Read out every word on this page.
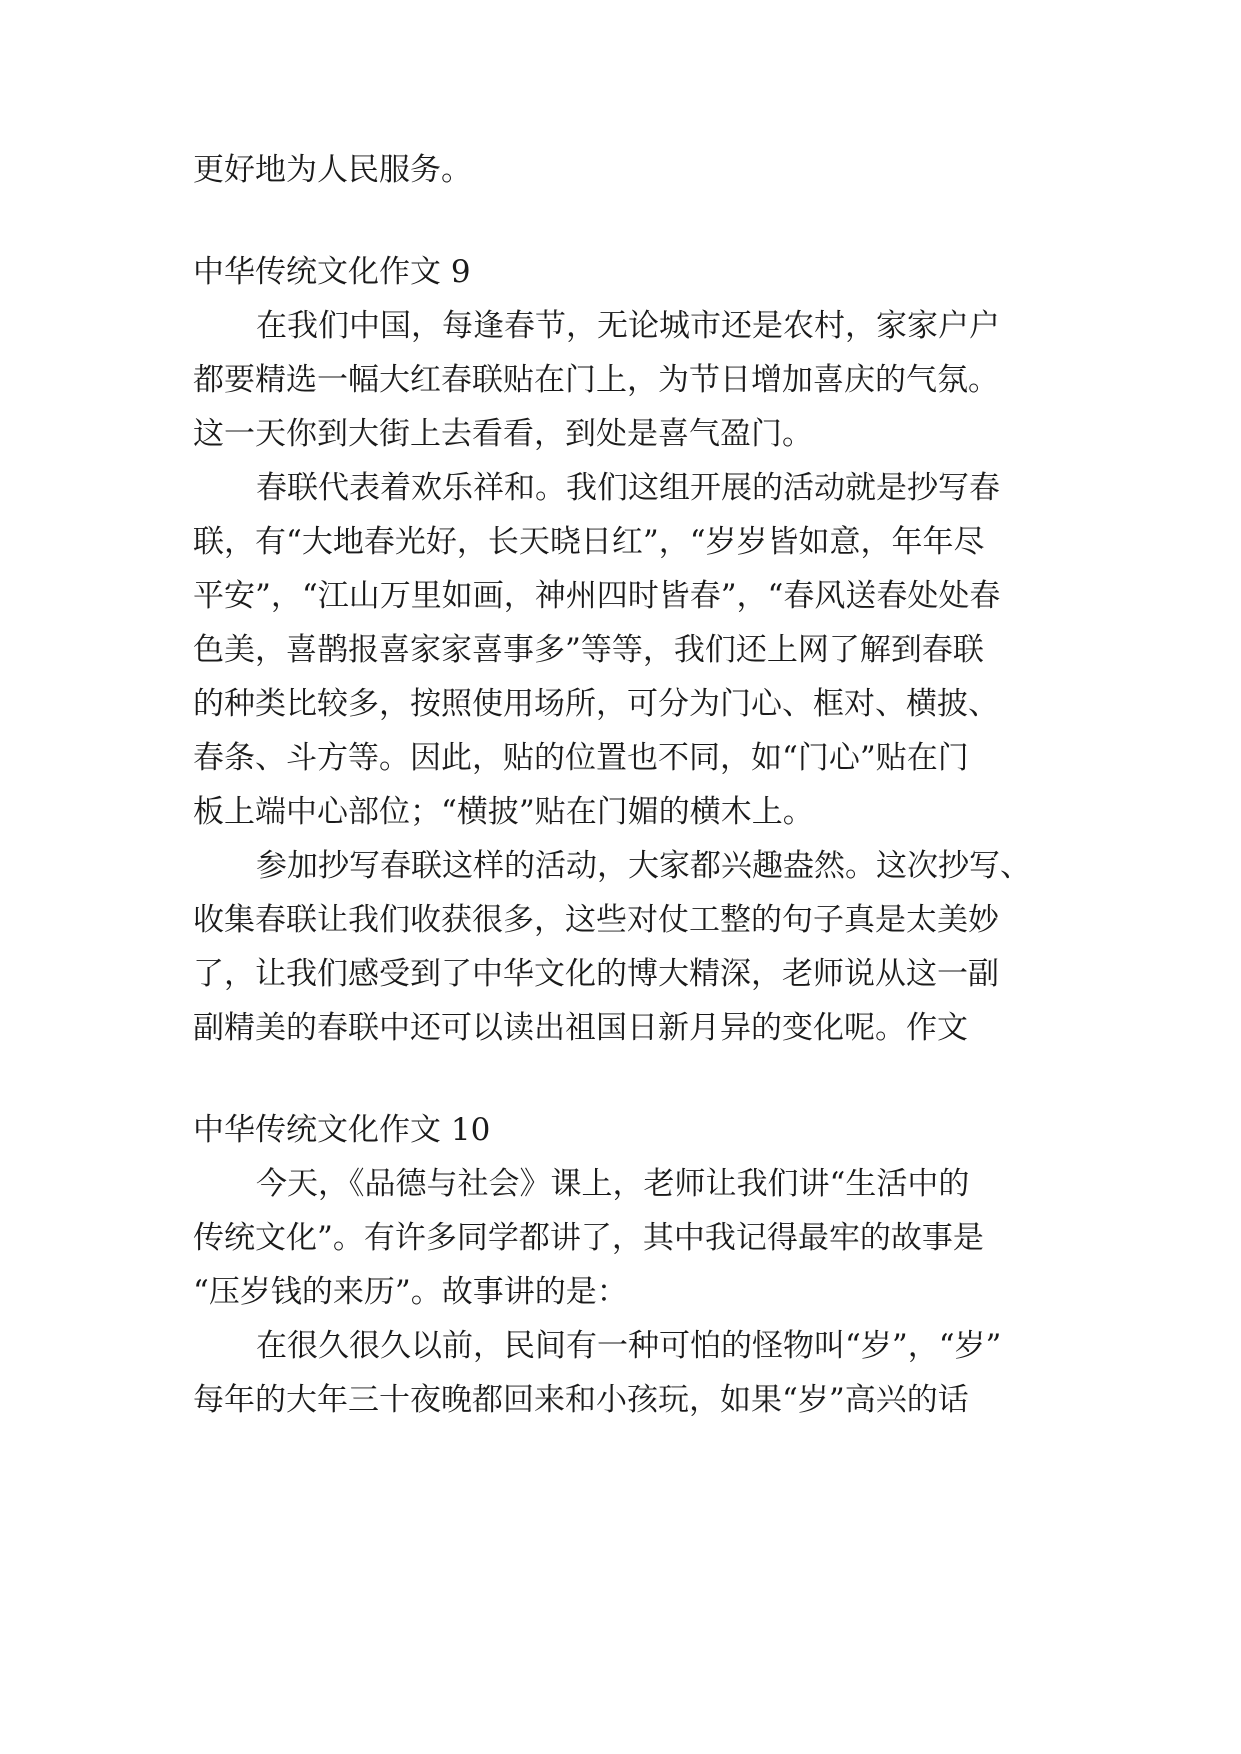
更好地为人民服务。
中华传统文化作文 9
在我们中国，每逢春节，无论城市还是农村，家家户户
都要精选一幅大红春联贴在门上，为节日增加喜庆的气氛。
这一天你到大街上去看看，到处是喜气盈门。
春联代表着欢乐祥和。我们这组开展的活动就是抄写春
联，有“大地春光好，长天晓日红”，“岁岁皆如意，年年尽
平安”，“江山万里如画，神州四时皆春”，“春风送春处处春
色美，喜鹊报喜家家喜事多”等等，我们还上网了解到春联
的种类比较多，按照使用场所，可分为门心、框对、横披、
春条、斗方等。因此，贴的位置也不同，如“门心”贴在门
板上端中心部位；“横披”贴在门媚的横木上。
参加抄写春联这样的活动，大家都兴趣盎然。这次抄写、
收集春联让我们收获很多，这些对仗工整的句子真是太美妙
了，让我们感受到了中华文化的博大精深，老师说从这一副
副精美的春联中还可以读出祖国日新月异的变化呢。作文
中华传统文化作文 10
今天，《品德与社会》课上，老师让我们讲“生活中的
传统文化”。有许多同学都讲了，其中我记得最牢的故事是
“压岁钱的来历”。故事讲的是：
在很久很久以前，民间有一种可怕的怪物叫“岁”，“岁”
每年的大年三十夜晚都回来和小孩玩，如果“岁”高兴的话
